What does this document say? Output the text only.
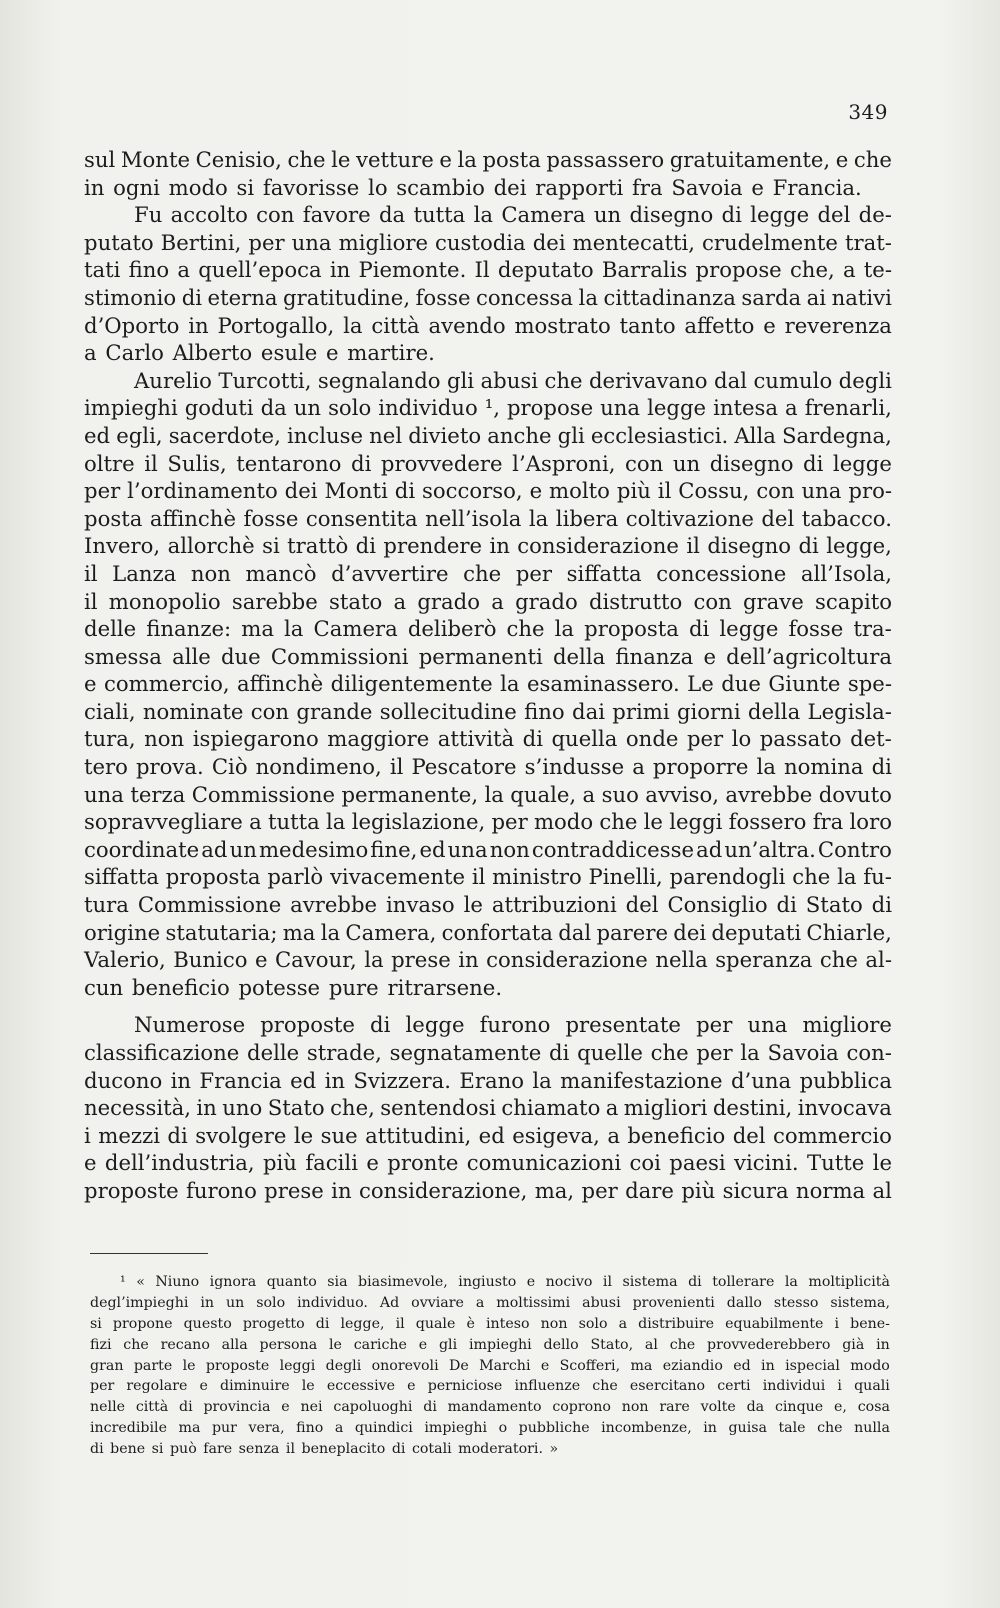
349
sul Monte Cenisio, che le vetture e la posta passassero gratuitamente, e che
in ogni modo si favorisse lo scambio dei rapporti fra Savoia e Francia.
Fu accolto con favore da tutta la Camera un disegno di legge del de-
putato Bertini, per una migliore custodia dei mentecatti, crudelmente trat-
tati fino a quell’epoca in Piemonte. Il deputato Barralis propose che, a te-
stimonio di eterna gratitudine, fosse concessa la cittadinanza sarda ai nativi
d’Oporto in Portogallo, la città avendo mostrato tanto affetto e reverenza
a Carlo Alberto esule e martire.
Aurelio Turcotti, segnalando gli abusi che derivavano dal cumulo degli
impieghi goduti da un solo individuo ¹, propose una legge intesa a frenarli,
ed egli, sacerdote, incluse nel divieto anche gli ecclesiastici. Alla Sardegna,
oltre il Sulis, tentarono di provvedere l’Asproni, con un disegno di legge
per l’ordinamento dei Monti di soccorso, e molto più il Cossu, con una pro-
posta affinchè fosse consentita nell’isola la libera coltivazione del tabacco.
Invero, allorchè si trattò di prendere in considerazione il disegno di legge,
il Lanza non mancò d’avvertire che per siffatta concessione all’Isola,
il monopolio sarebbe stato a grado a grado distrutto con grave scapito
delle finanze: ma la Camera deliberò che la proposta di legge fosse tra-
smessa alle due Commissioni permanenti della finanza e dell’agricoltura
e commercio, affinchè diligentemente la esaminassero. Le due Giunte spe-
ciali, nominate con grande sollecitudine fino dai primi giorni della Legisla-
tura, non ispiegarono maggiore attività di quella onde per lo passato det-
tero prova. Ciò nondimeno, il Pescatore s’indusse a proporre la nomina di
una terza Commissione permanente, la quale, a suo avviso, avrebbe dovuto
sopravvegliare a tutta la legislazione, per modo che le leggi fossero fra loro
coordinate ad un medesimo fine, ed una non contraddicesse ad un’altra. Contro
siffatta proposta parlò vivacemente il ministro Pinelli, parendogli che la fu-
tura Commissione avrebbe invaso le attribuzioni del Consiglio di Stato di
origine statutaria; ma la Camera, confortata dal parere dei deputati Chiarle,
Valerio, Bunico e Cavour, la prese in considerazione nella speranza che al-
cun beneficio potesse pure ritrarsene.
Numerose proposte di legge furono presentate per una migliore
classificazione delle strade, segnatamente di quelle che per la Savoia con-
ducono in Francia ed in Svizzera. Erano la manifestazione d’una pubblica
necessità, in uno Stato che, sentendosi chiamato a migliori destini, invocava
i mezzi di svolgere le sue attitudini, ed esigeva, a beneficio del commercio
e dell’industria, più facili e pronte comunicazioni coi paesi vicini. Tutte le
proposte furono prese in considerazione, ma, per dare più sicura norma al
¹ « Niuno ignora quanto sia biasimevole, ingiusto e nocivo il sistema di tollerare la moltiplicità
degl’impieghi in un solo individuo. Ad ovviare a moltissimi abusi provenienti dallo stesso sistema,
si propone questo progetto di legge, il quale è inteso non solo a distribuire equabilmente i bene-
fizi che recano alla persona le cariche e gli impieghi dello Stato, al che provvederebbero già in
gran parte le proposte leggi degli onorevoli De Marchi e Scofferi, ma eziandio ed in ispecial modo
per regolare e diminuire le eccessive e perniciose influenze che esercitano certi individui i quali
nelle città di provincia e nei capoluoghi di mandamento coprono non rare volte da cinque e, cosa
incredibile ma pur vera, fino a quindici impieghi o pubbliche incombenze, in guisa tale che nulla
di bene si può fare senza il beneplacito di cotali moderatori. »
